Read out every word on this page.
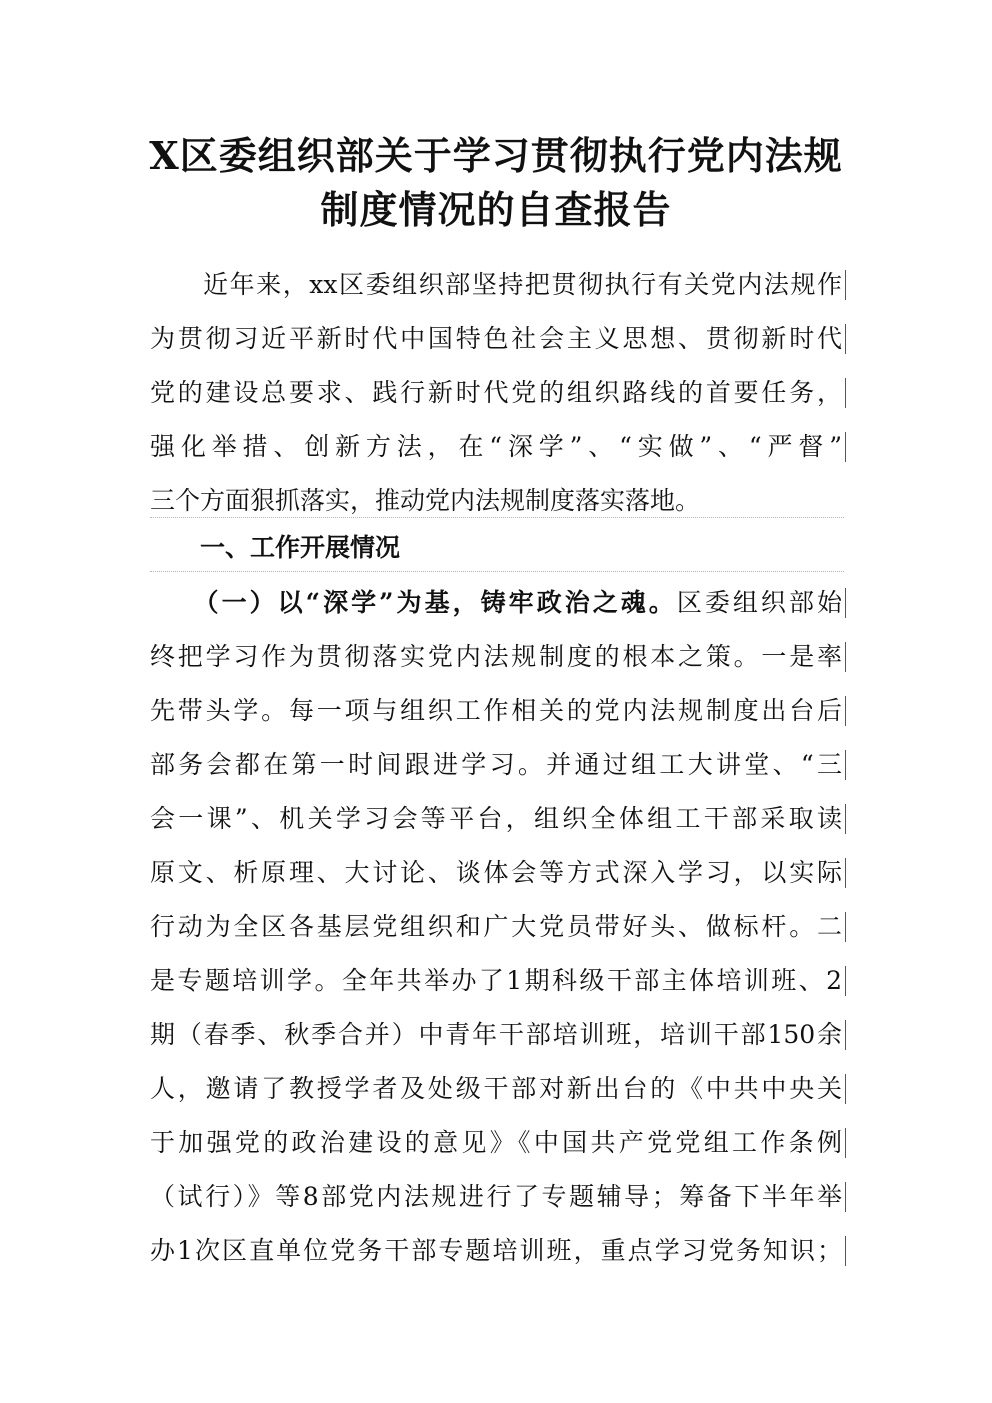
X区委组织部关于学习贯彻执行党内法规
制度情况的自查报告
　　近年来，xx区委组织部坚持把贯彻执行有关党内法规作
为贯彻习近平新时代中国特色社会主义思想、贯彻新时代
党的建设总要求、践行新时代党的组织路线的首要任务，
强化举措、创新方法，在“深学”、“实做”、“严督”
三个方面狠抓落实，推动党内法规制度落实落地。
　　一、工作开展情况
　　（一）以“深学”为基，铸牢政治之魂。区委组织部始
终把学习作为贯彻落实党内法规制度的根本之策。一是率
先带头学。每一项与组织工作相关的党内法规制度出台后
部务会都在第一时间跟进学习。并通过组工大讲堂、“三
会一课”、机关学习会等平台，组织全体组工干部采取读
原文、析原理、大讨论、谈体会等方式深入学习，以实际
行动为全区各基层党组织和广大党员带好头、做标杆。二
是专题培训学。全年共举办了1期科级干部主体培训班、2
期（春季、秋季合并）中青年干部培训班，培训干部150余
人，邀请了教授学者及处级干部对新出台的《中共中央关
于加强党的政治建设的意见》《中国共产党党组工作条例
（试行）》等8部党内法规进行了专题辅导；筹备下半年举
办1次区直单位党务干部专题培训班，重点学习党务知识；
